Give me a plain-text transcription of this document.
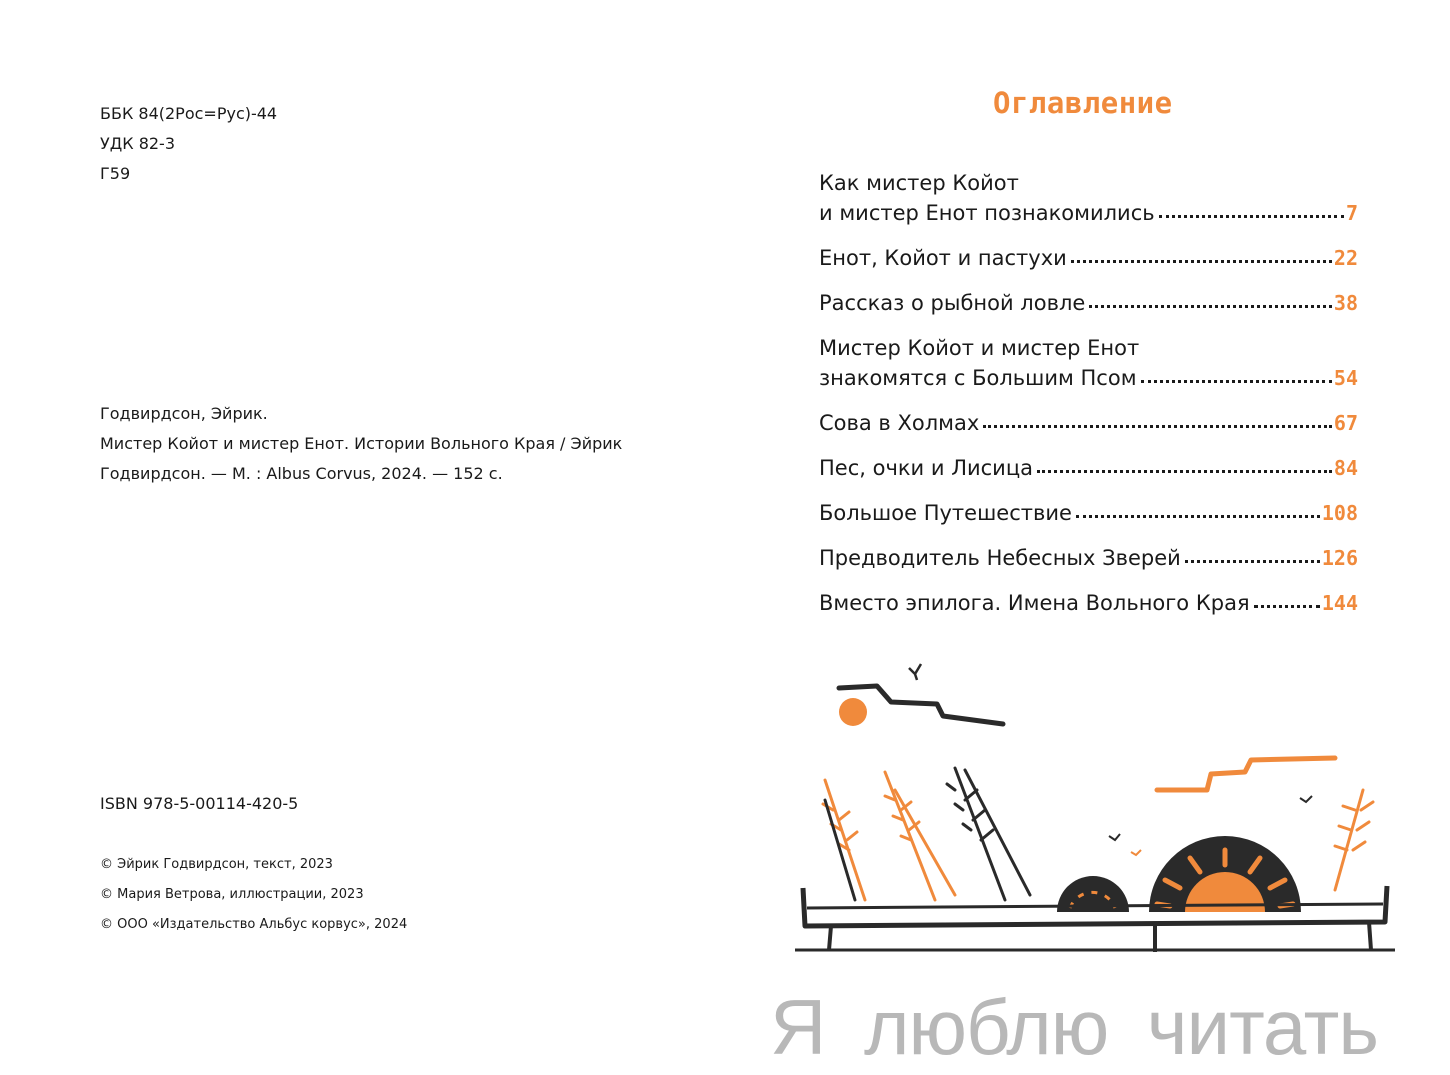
ББК 84(2Рос=Рус)-44
УДК 82-3
Г59
Годвирдсон, Эйрик.
Мистер Койот и мистер Енот. Истории Вольного Края / Эйрик
Годвирдсон. — М. : Albus Corvus, 2024. — 152 с.
ISBN 978-5-00114-420-5
© Эйрик Годвирдсон, текст, 2023
© Мария Ветрова, иллюстрации, 2023
© ООО «Издательство Альбус корвус», 2024
Оглавление
Как мистер Койот
и мистер Енот познакомились	7
Енот, Койот и пастухи	22
Рассказ о рыбной ловле	38
Мистер Койот и мистер Енот
знакомятся с Большим Псом	54
Сова в Холмах	67
Пес, очки и Лисица	84
Большое Путешествие	108
Предводитель Небесных Зверей	126
Вместо эпилога. Имена Вольного Края	144
Я люблю читать
